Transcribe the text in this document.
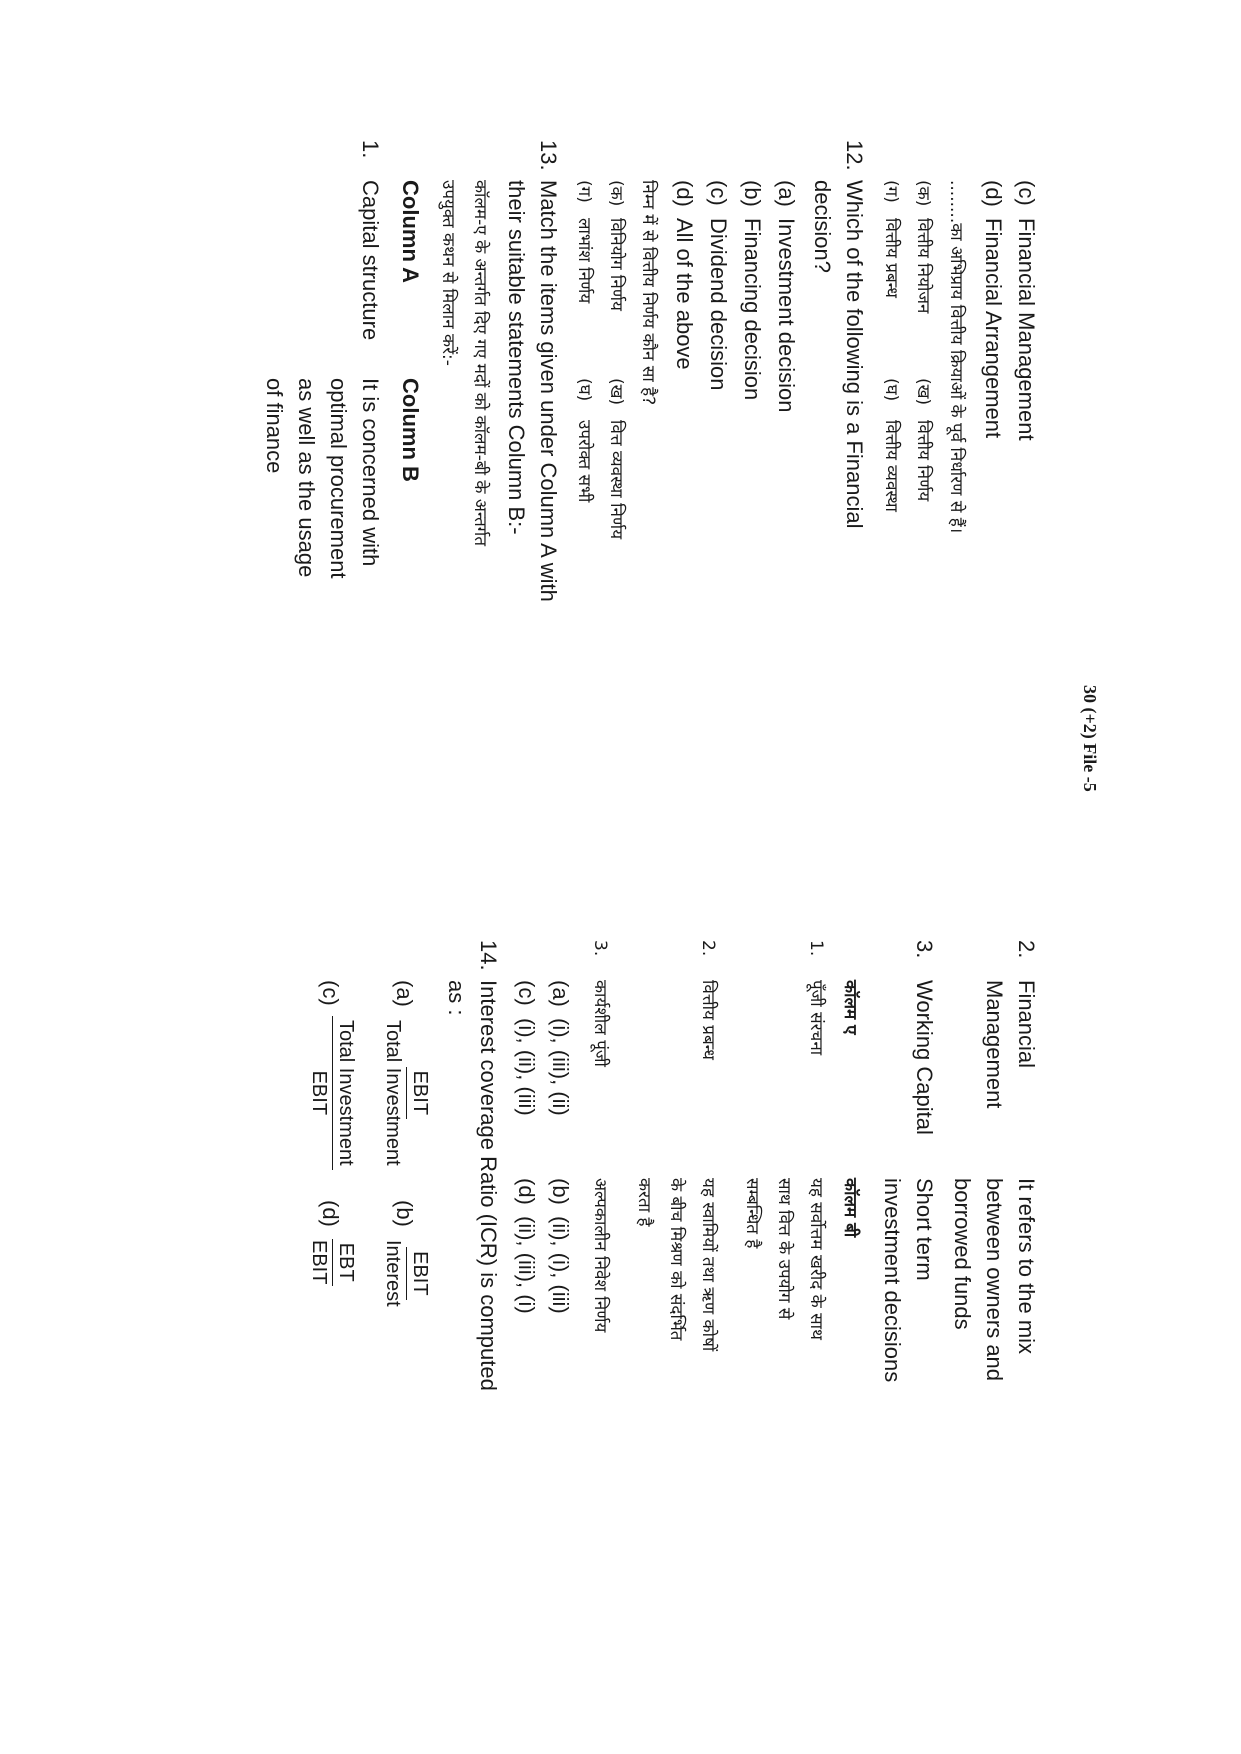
30 (+2) File -5
(c)
Financial Management
(d)
Financial Arrangement
........का अभिप्राय वित्तीय क्रियाओं के पूर्व निर्धारण से हैं।
(क)
वित्तीय नियोजन
(ख)
वित्तीय निर्णय
(ग)
वित्तीय प्रबन्ध
(घ)
वित्तीय व्यवस्था
12.
Which of the following is a Financial
decision?
(a)
Investment decision
(b)
Financing decision
(c)
Dividend decision
(d)
All of the above
निम्न में से वित्तीय निर्णय कौन सा है?
(क)
विनियोग निर्णय
(ख)
वित्त व्यवस्था निर्णय
(ग)
लाभांश निर्णय
(घ)
उपरोक्त सभी
13.
Match the items given under Column A with
their suitable statements Column B:-
कॉलम-ए के अन्तर्गत दिए गए मदों को कॉलम-बी के अन्तर्गत
उपयुक्त कथन से मिलान करें:-
Column A
Column B
1.
Capital structure
It is concerned with
optimal procurement
as well as the usage
of finance
2.
Financial
Management
It refers to the mix
between owners and
borrowed funds
3.
Working Capital
Short term
investment decisions
कॉलम ए
कॉलम बी
1.
पूँजी संरचना
यह सर्वोत्तम खरीद के साथ
साथ वित्त के उपयोग से
सम्बन्धित है
2.
वित्तीय प्रबन्ध
यह स्वामियों तथा ऋण कोषों
के बीच मिश्रण को संदर्भित
करता है
3.
कार्यशील पूंजी
अल्पकालीन निवेश निर्णय
(a)
(i), (iii), (ii)
(b)
(ii), (i), (iii)
(c)
(i), (ii), (iii)
(d)
(ii), (iii), (i)
14.
Interest coverage Ratio (ICR) is computed
as :
(a)
EBIT
Total Investment
(b)
EBIT
Interest
(c)
Total Investment
EBIT
(d)
EBT
EBIT
